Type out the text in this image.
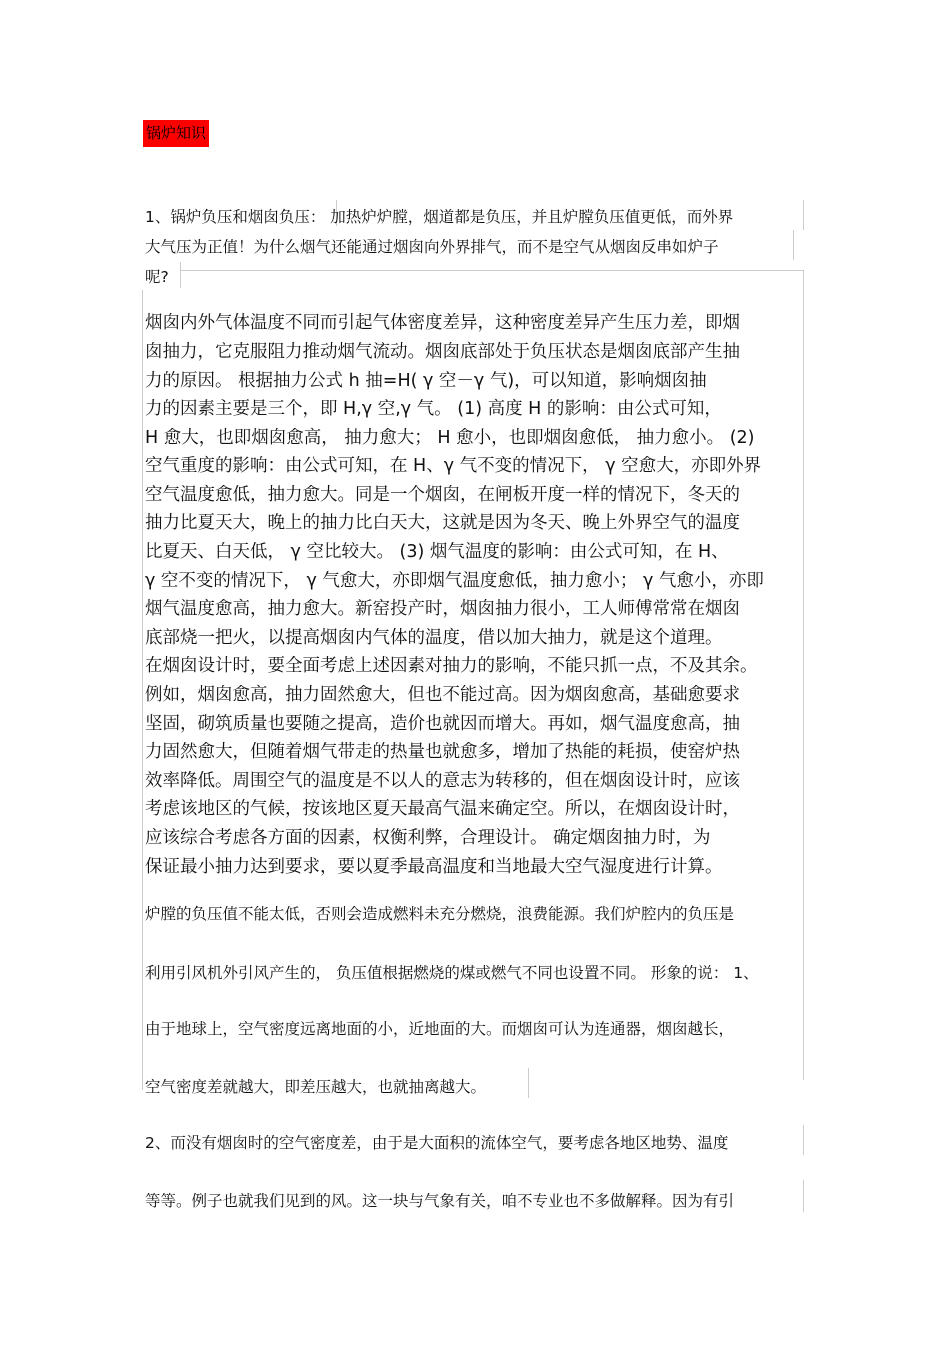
锅炉知识
1、锅炉负压和烟囱负压： 加热炉炉膛，烟道都是负压，并且炉膛负压值更低，而外界
大气压为正值！为什么烟气还能通过烟囱向外界排气，而不是空气从烟囱反串如炉子
呢?
烟囱内外气体温度不同而引起气体密度差异，这种密度差异产生压力差，即烟
囱抽力，它克服阻力推动烟气流动。烟囱底部处于负压状态是烟囱底部产生抽
力的原因。 根据抽力公式 h 抽=H( γ 空－γ 气)，可以知道，影响烟囱抽
力的因素主要是三个，即 H,γ 空,γ 气。 (1) 高度 H 的影响：由公式可知，
H 愈大，也即烟囱愈高， 抽力愈大； H 愈小，也即烟囱愈低， 抽力愈小。 (2)
空气重度的影响：由公式可知，在 H、γ 气不变的情况下， γ 空愈大，亦即外界
空气温度愈低，抽力愈大。同是一个烟囱，在闸板开度一样的情况下，冬天的
抽力比夏天大，晚上的抽力比白天大，这就是因为冬天、晚上外界空气的温度
比夏天、白天低， γ 空比较大。 (3) 烟气温度的影响：由公式可知，在 H、
γ 空不变的情况下， γ 气愈大，亦即烟气温度愈低，抽力愈小； γ 气愈小，亦即
烟气温度愈高，抽力愈大。新窑投产时，烟囱抽力很小，工人师傅常常在烟囱
底部烧一把火，以提高烟囱内气体的温度，借以加大抽力，就是这个道理。
在烟囱设计时，要全面考虑上述因素对抽力的影响，不能只抓一点，不及其余。
例如，烟囱愈高，抽力固然愈大，但也不能过高。因为烟囱愈高，基础愈要求
坚固，砌筑质量也要随之提高，造价也就因而增大。再如，烟气温度愈高，抽
力固然愈大，但随着烟气带走的热量也就愈多，增加了热能的耗损，使窑炉热
效率降低。周围空气的温度是不以人的意志为转移的，但在烟囱设计时，应该
考虑该地区的气候，按该地区夏天最高气温来确定空。所以，在烟囱设计时，
应该综合考虑各方面的因素，权衡利弊，合理设计。 确定烟囱抽力时，为
保证最小抽力达到要求，要以夏季最高温度和当地最大空气湿度进行计算。
炉膛的负压值不能太低，否则会造成燃料未充分燃烧，浪费能源。我们炉腔内的负压是
利用引风机外引风产生的， 负压值根据燃烧的煤或燃气不同也设置不同。 形象的说： 1、
由于地球上，空气密度远离地面的小，近地面的大。而烟囱可认为连通器，烟囱越长，
空气密度差就越大，即差压越大，也就抽离越大。
2、而没有烟囱时的空气密度差，由于是大面积的流体空气，要考虑各地区地势、温度
等等。例子也就我们见到的风。这一块与气象有关，咱不专业也不多做解释。因为有引
